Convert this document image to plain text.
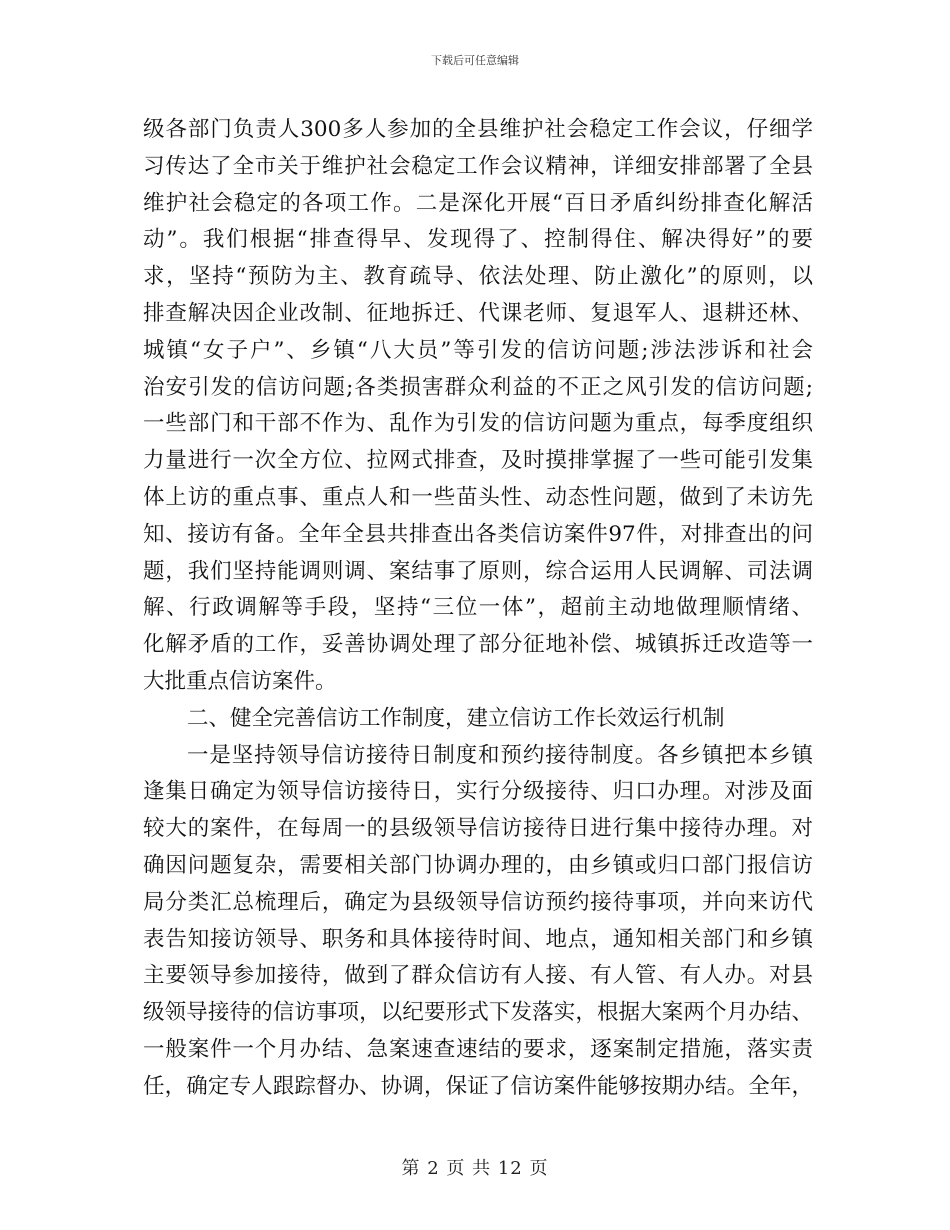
下载后可任意编辑
级各部门负责人300多人参加的全县维护社会稳定工作会议，仔细学
习传达了全市关于维护社会稳定工作会议精神，详细安排部署了全县
维护社会稳定的各项工作。二是深化开展“百日矛盾纠纷排查化解活
动”。我们根据“排查得早、发现得了、控制得住、解决得好”的要
求，坚持“预防为主、教育疏导、依法处理、防止激化”的原则，以
排查解决因企业改制、征地拆迁、代课老师、复退军人、退耕还林、
城镇“女子户”、乡镇“八大员”等引发的信访问题;涉法涉诉和社会
治安引发的信访问题;各类损害群众利益的不正之风引发的信访问题;
一些部门和干部不作为、乱作为引发的信访问题为重点，每季度组织
力量进行一次全方位、拉网式排查，及时摸排掌握了一些可能引发集
体上访的重点事、重点人和一些苗头性、动态性问题，做到了未访先
知、接访有备。全年全县共排查出各类信访案件97件，对排查出的问
题，我们坚持能调则调、案结事了原则，综合运用人民调解、司法调
解、行政调解等手段，坚持“三位一体”，超前主动地做理顺情绪、
化解矛盾的工作，妥善协调处理了部分征地补偿、城镇拆迁改造等一
大批重点信访案件。
二、健全完善信访工作制度，建立信访工作长效运行机制
一是坚持领导信访接待日制度和预约接待制度。各乡镇把本乡镇
逢集日确定为领导信访接待日，实行分级接待、归口办理。对涉及面
较大的案件，在每周一的县级领导信访接待日进行集中接待办理。对
确因问题复杂，需要相关部门协调办理的，由乡镇或归口部门报信访
局分类汇总梳理后，确定为县级领导信访预约接待事项，并向来访代
表告知接访领导、职务和具体接待时间、地点，通知相关部门和乡镇
主要领导参加接待，做到了群众信访有人接、有人管、有人办。对县
级领导接待的信访事项，以纪要形式下发落实，根据大案两个月办结、
一般案件一个月办结、急案速查速结的要求，逐案制定措施，落实责
任，确定专人跟踪督办、协调，保证了信访案件能够按期办结。全年，
第 2 页 共 12 页
